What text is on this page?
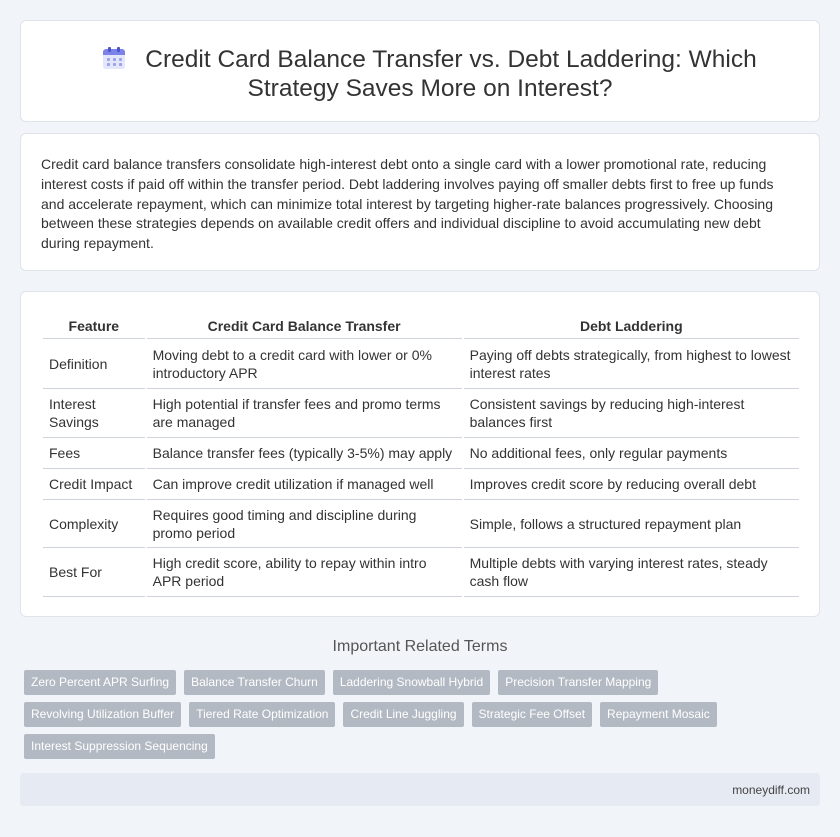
Credit Card Balance Transfer vs. Debt Laddering: Which Strategy Saves More on Interest?

Credit card balance transfers consolidate high-interest debt onto a single card with a lower promotional rate, reducing interest costs if paid off within the transfer period. Debt laddering involves paying off smaller debts first to free up funds and accelerate repayment, which can minimize total interest by targeting higher-rate balances progressively. Choosing between these strategies depends on available credit offers and individual discipline to avoid accumulating new debt during repayment.

Feature	Credit Card Balance Transfer	Debt Laddering
Definition	Moving debt to a credit card with lower or 0% introductory APR	Paying off debts strategically, from highest to lowest interest rates
Interest Savings	High potential if transfer fees and promo terms are managed	Consistent savings by reducing high-interest balances first
Fees	Balance transfer fees (typically 3-5%) may apply	No additional fees, only regular payments
Credit Impact	Can improve credit utilization if managed well	Improves credit score by reducing overall debt
Complexity	Requires good timing and discipline during promo period	Simple, follows a structured repayment plan
Best For	High credit score, ability to repay within intro APR period	Multiple debts with varying interest rates, steady cash flow
Important Related Terms
Zero Percent APR Surfing	Balance Transfer Churn	Laddering Snowball Hybrid	Precision Transfer Mapping
Revolving Utilization Buffer	Tiered Rate Optimization	Credit Line Juggling	Strategic Fee Offset	Repayment Mosaic
Interest Suppression Sequencing
moneydiff.com
